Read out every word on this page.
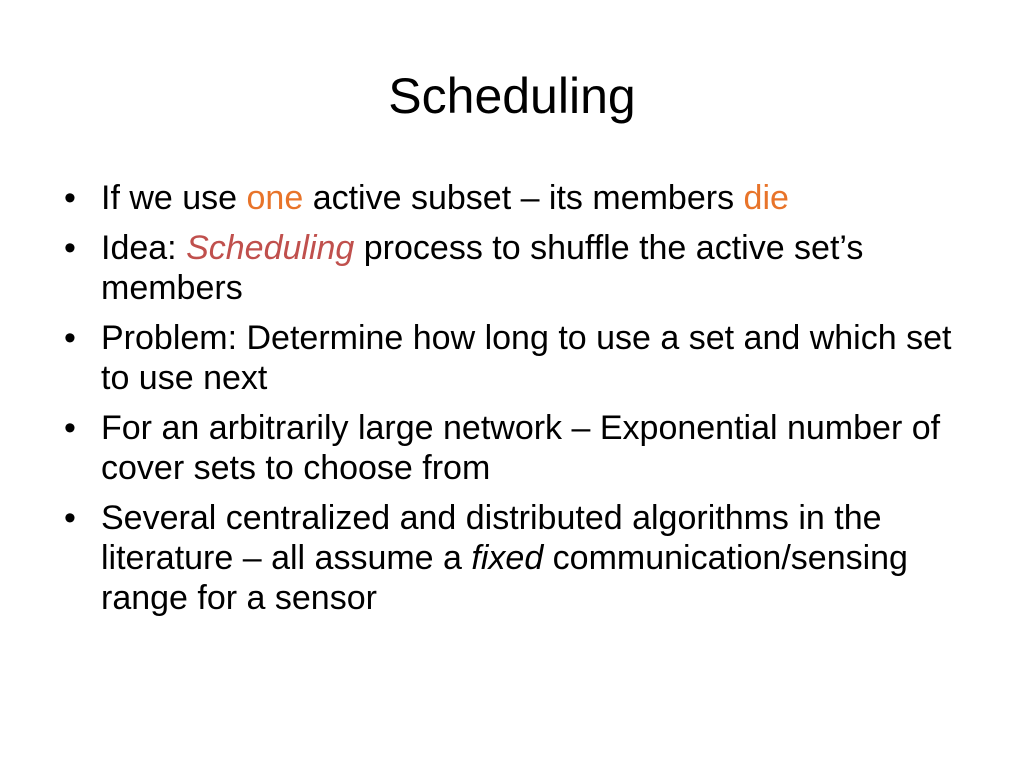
Scheduling
• If we use one active subset – its members die
• Idea: Scheduling process to shuffle the active set’s members
• Problem: Determine how long to use a set and which set to use next
• For an arbitrarily large network – Exponential number of cover sets to choose from
• Several centralized and distributed algorithms in the literature – all assume a fixed communication/sensing range for a sensor
